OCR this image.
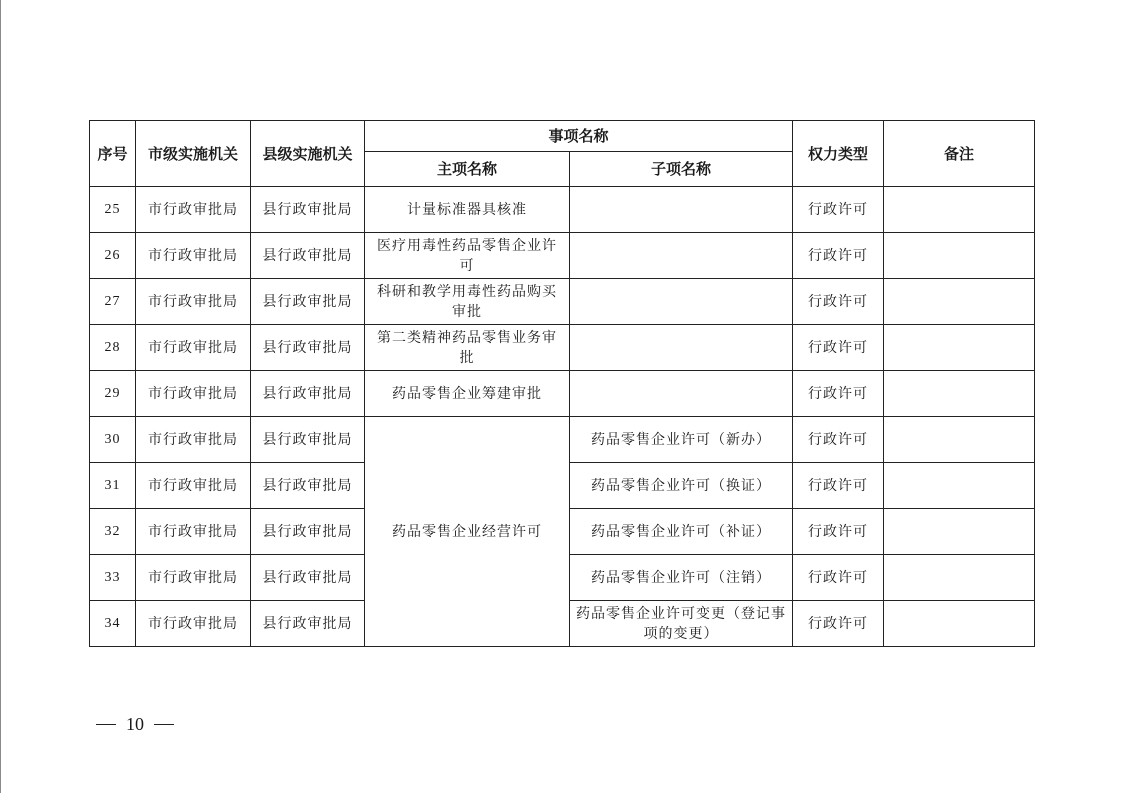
序号	市级实施机关	县级实施机关	事项名称		权力类型	备注
			主项名称	子项名称		
25	市行政审批局	县行政审批局	计量标准器具核准		行政许可	
26	市行政审批局	县行政审批局	医疗用毒性药品零售企业许可		行政许可	
27	市行政审批局	县行政审批局	科研和教学用毒性药品购买审批		行政许可	
28	市行政审批局	县行政审批局	第二类精神药品零售业务审批		行政许可	
29	市行政审批局	县行政审批局	药品零售企业筹建审批		行政许可	
30	市行政审批局	县行政审批局	药品零售企业经营许可	药品零售企业许可（新办）	行政许可	
31	市行政审批局	县行政审批局		药品零售企业许可（换证）	行政许可	
32	市行政审批局	县行政审批局		药品零售企业许可（补证）	行政许可	
33	市行政审批局	县行政审批局		药品零售企业许可（注销）	行政许可	
34	市行政审批局	县行政审批局		药品零售企业许可变更（登记事项的变更）	行政许可	
10
